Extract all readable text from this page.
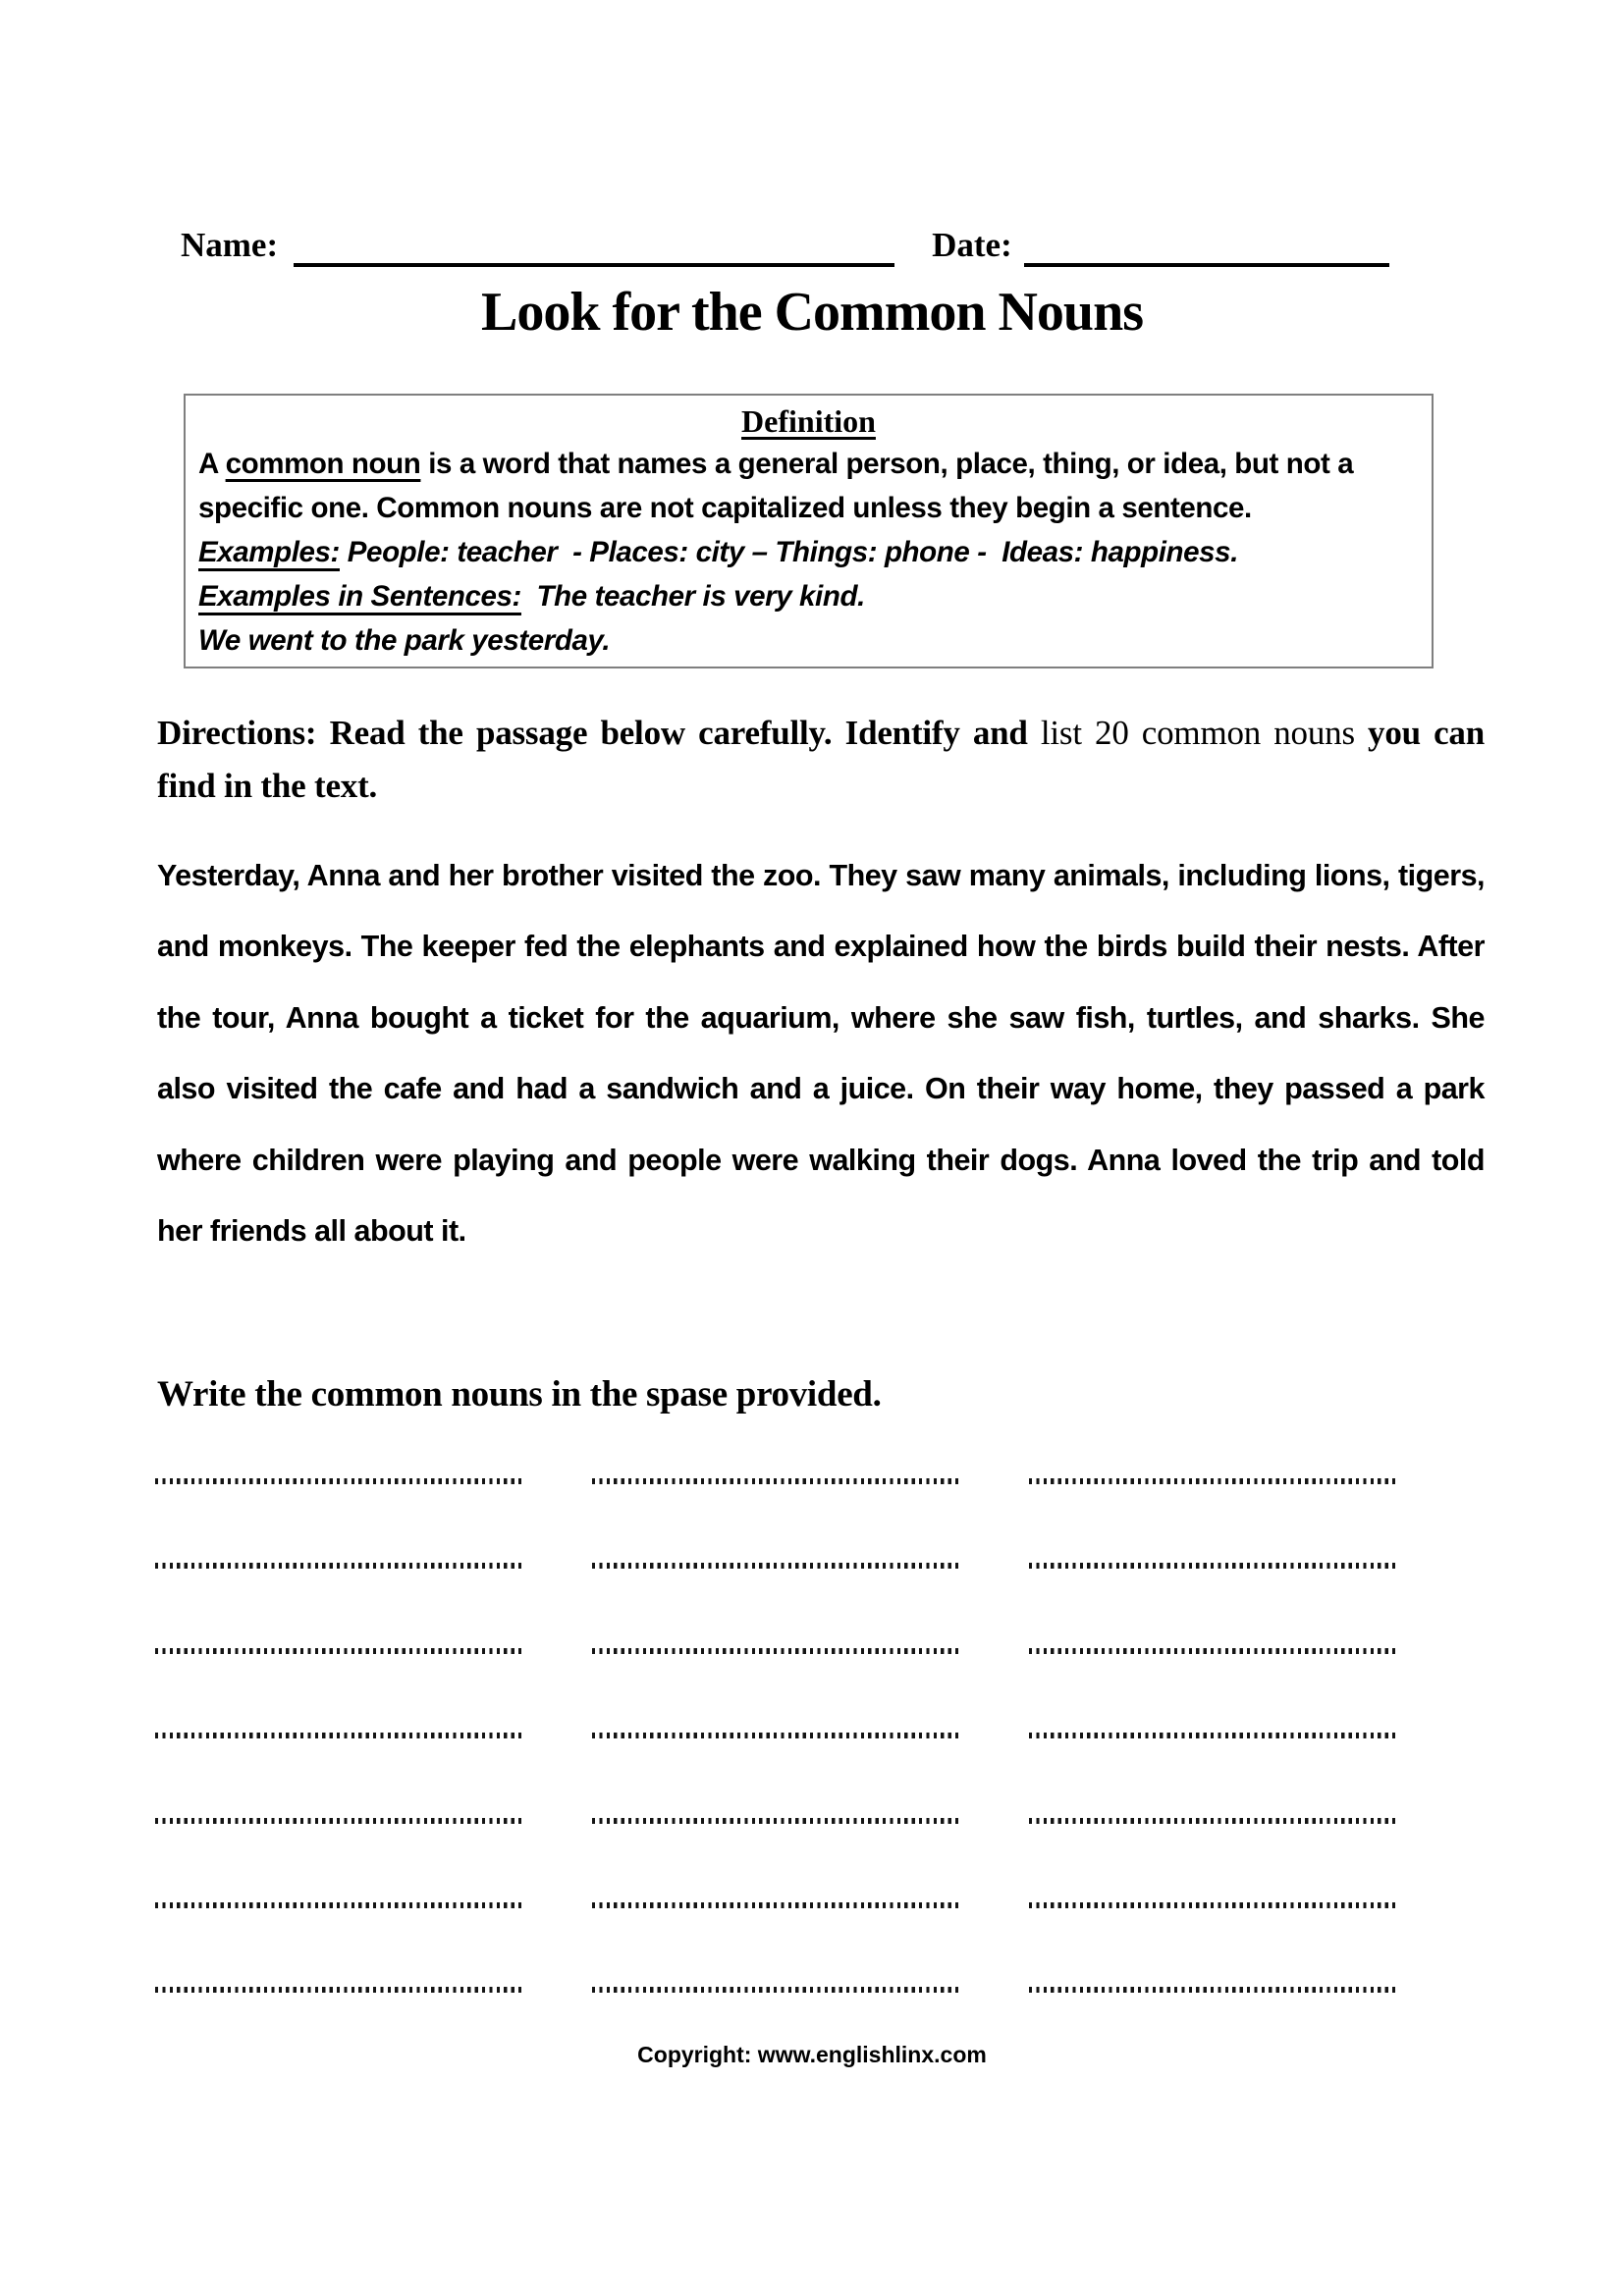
Name:	Date:
Look for the Common Nouns
Definition
A common noun is a word that names a general person, place, thing, or idea, but not a specific one. Common nouns are not capitalized unless they begin a sentence.
Examples: People: teacher  - Places: city – Things: phone -  Ideas: happiness.
Examples in Sentences:  The teacher is very kind.
We went to the park yesterday.
Directions: Read the passage below carefully. Identify and list 20 common nouns you can find in the text.
Yesterday, Anna and her brother visited the zoo. They saw many animals, including lions, tigers, and monkeys. The keeper fed the elephants and explained how the birds build their nests. After the tour, Anna bought a ticket for the aquarium, where she saw fish, turtles, and sharks. She also visited the cafe and had a sandwich and a juice. On their way home, they passed a park where children were playing and people were walking their dogs. Anna loved the trip and told her friends all about it.
Write the common nouns in the spase provided.
Copyright: www.englishlinx.com
